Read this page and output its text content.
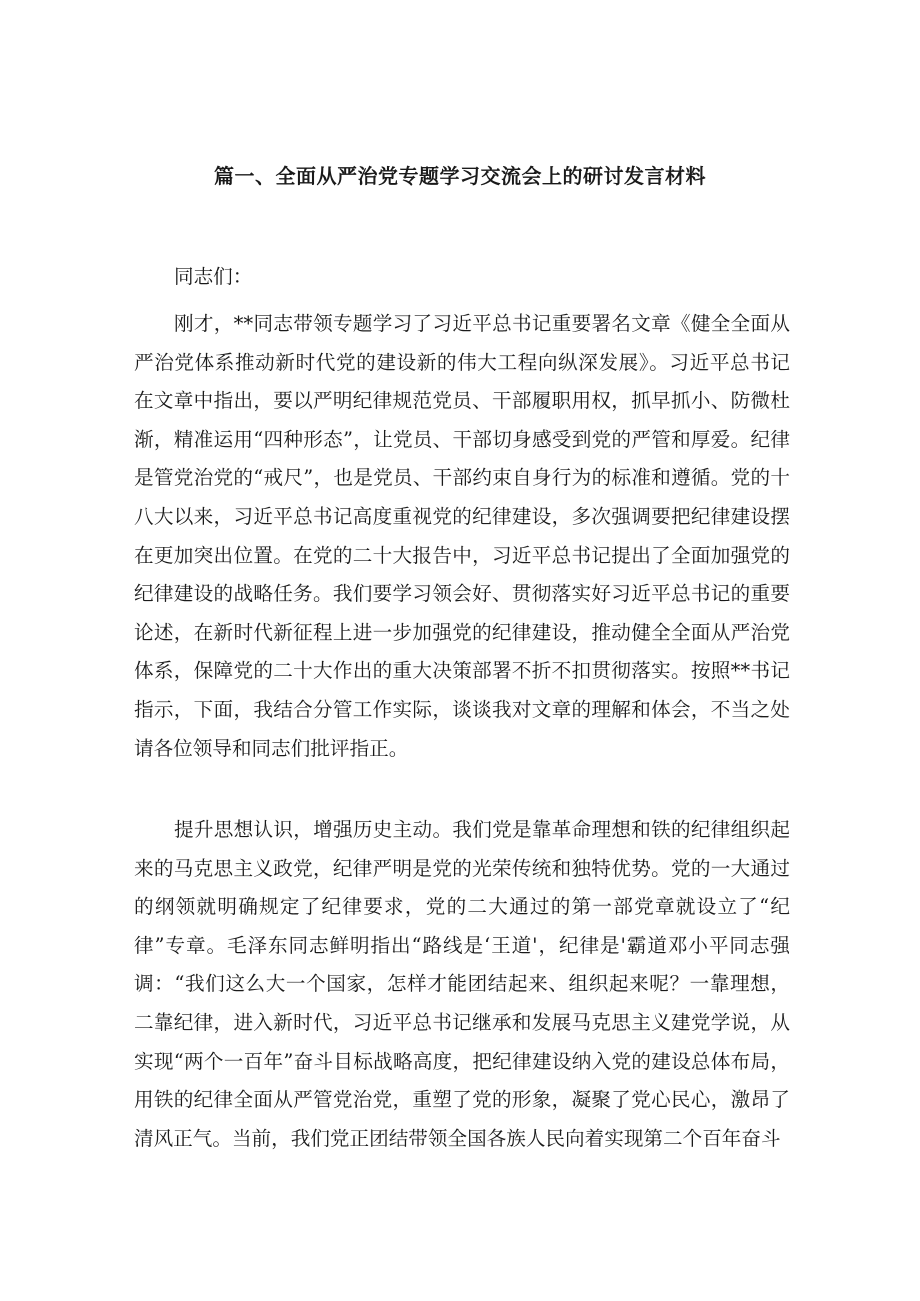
篇一、全面从严治党专题学习交流会上的研讨发言材料

同志们：

刚才，**同志带领专题学习了习近平总书记重要署名文章《健全全面从严治党体系推动新时代党的建设新的伟大工程向纵深发展》。习近平总书记在文章中指出，要以严明纪律规范党员、干部履职用权，抓早抓小、防微杜渐，精准运用“四种形态”，让党员、干部切身感受到党的严管和厚爱。纪律是管党治党的“戒尺”，也是党员、干部约束自身行为的标准和遵循。党的十八大以来，习近平总书记高度重视党的纪律建设，多次强调要把纪律建设摆在更加突出位置。在党的二十大报告中，习近平总书记提出了全面加强党的纪律建设的战略任务。我们要学习领会好、贯彻落实好习近平总书记的重要论述，在新时代新征程上进一步加强党的纪律建设，推动健全全面从严治党体系，保障党的二十大作出的重大决策部署不折不扣贯彻落实。按照**书记指示，下面，我结合分管工作实际，谈谈我对文章的理解和体会，不当之处请各位领导和同志们批评指正。

提升思想认识，增强历史主动。我们党是靠革命理想和铁的纪律组织起来的马克思主义政党，纪律严明是党的光荣传统和独特优势。党的一大通过的纲领就明确规定了纪律要求，党的二大通过的第一部党章就设立了“纪律”专章。毛泽东同志鲜明指出“路线是‘王道'，纪律是'霸道邓小平同志强调：“我们这么大一个国家，怎样才能团结起来、组织起来呢？一靠理想，二靠纪律，进入新时代，习近平总书记继承和发展马克思主义建党学说，从实现“两个一百年”奋斗目标战略高度，把纪律建设纳入党的建设总体布局，用铁的纪律全面从严管党治党，重塑了党的形象，凝聚了党心民心，激昂了清风正气。当前，我们党正团结带领全国各族人民向着实现第二个百年奋斗
